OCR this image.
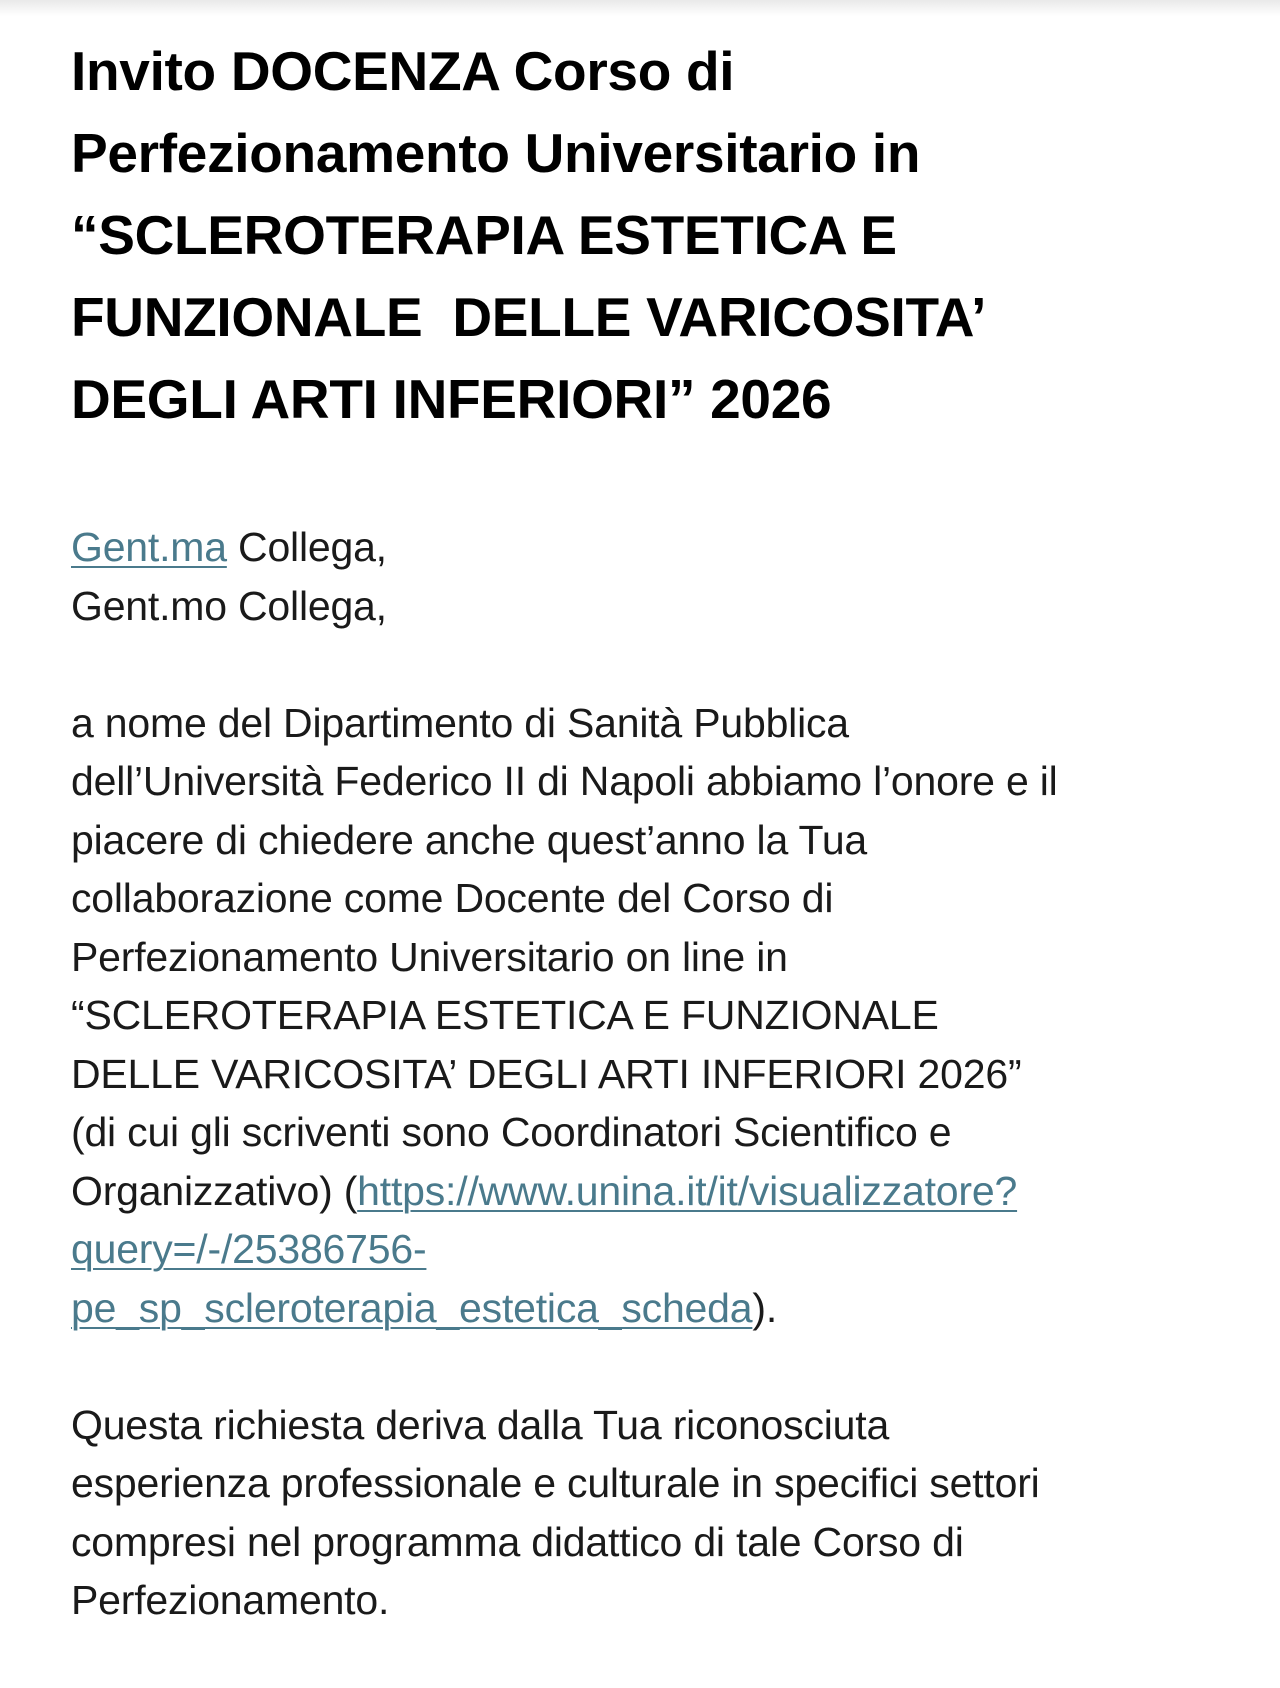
Invito DOCENZA Corso di
Perfezionamento Universitario in
“SCLEROTERAPIA ESTETICA E
FUNZIONALE  DELLE VARICOSITA’
DEGLI ARTI INFERIORI” 2026

Gent.ma Collega,
Gent.mo Collega,

a nome del Dipartimento di Sanità Pubblica
dell’Università Federico II di Napoli abbiamo l’onore e il
piacere di chiedere anche quest’anno la Tua
collaborazione come Docente del Corso di
Perfezionamento Universitario on line in
“SCLEROTERAPIA ESTETICA E FUNZIONALE
DELLE VARICOSITA’ DEGLI ARTI INFERIORI 2026”
(di cui gli scriventi sono Coordinatori Scientifico e
Organizzativo) (https://www.unina.it/it/visualizzatore?
query=/-/25386756-
pe_sp_scleroterapia_estetica_scheda).

Questa richiesta deriva dalla Tua riconosciuta
esperienza professionale e culturale in specifici settori
compresi nel programma didattico di tale Corso di
Perfezionamento.
